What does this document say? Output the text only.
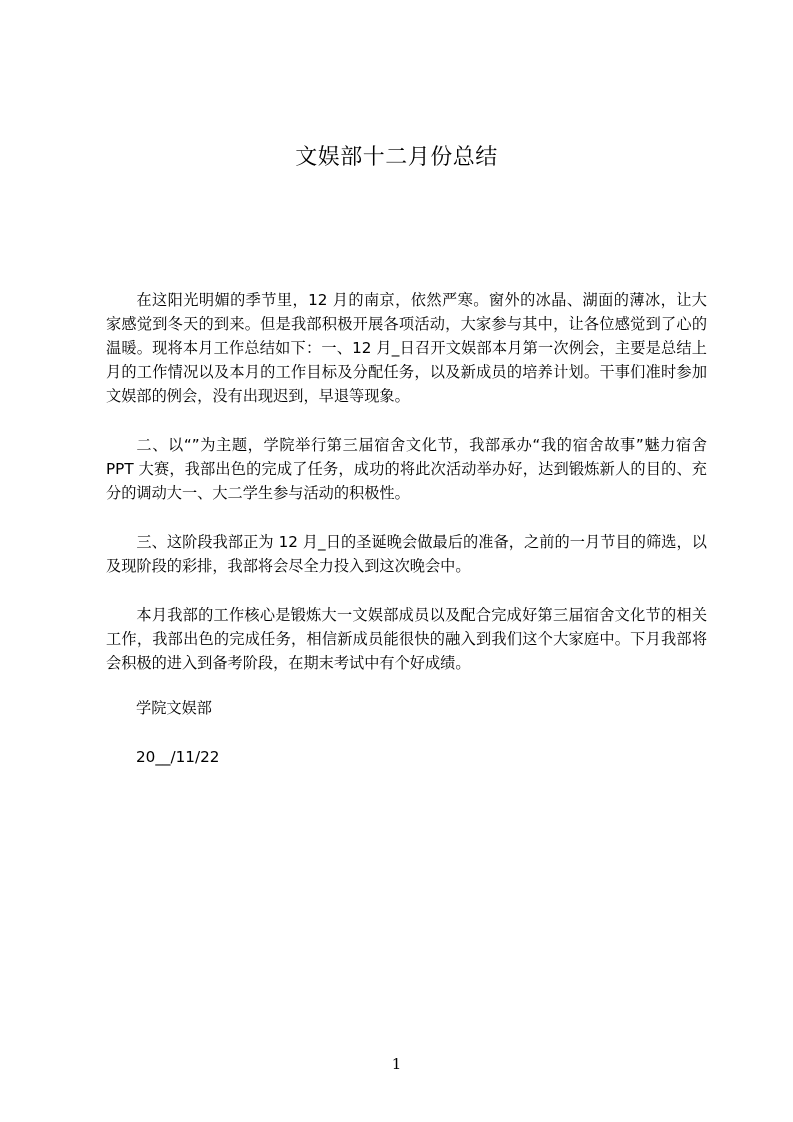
文娱部十二月份总结

在这阳光明媚的季节里，12 月的南京，依然严寒。窗外的冰晶、湖面的薄冰，让大家感觉到冬天的到来。但是我部积极开展各项活动，大家参与其中，让各位感觉到了心的温暖。现将本月工作总结如下：一、12 月_日召开文娱部本月第一次例会，主要是总结上月的工作情况以及本月的工作目标及分配任务，以及新成员的培养计划。干事们准时参加文娱部的例会，没有出现迟到，早退等现象。

二、以“”为主题，学院举行第三届宿舍文化节，我部承办“我的宿舍故事”魅力宿舍 PPT 大赛，我部出色的完成了任务，成功的将此次活动举办好，达到锻炼新人的目的、充分的调动大一、大二学生参与活动的积极性。

三、这阶段我部正为 12 月_日的圣诞晚会做最后的准备，之前的一月节目的筛选，以及现阶段的彩排，我部将会尽全力投入到这次晚会中。

本月我部的工作核心是锻炼大一文娱部成员以及配合完成好第三届宿舍文化节的相关工作，我部出色的完成任务，相信新成员能很快的融入到我们这个大家庭中。下月我部将会积极的进入到备考阶段，在期末考试中有个好成绩。

学院文娱部

20__/11/22

1
